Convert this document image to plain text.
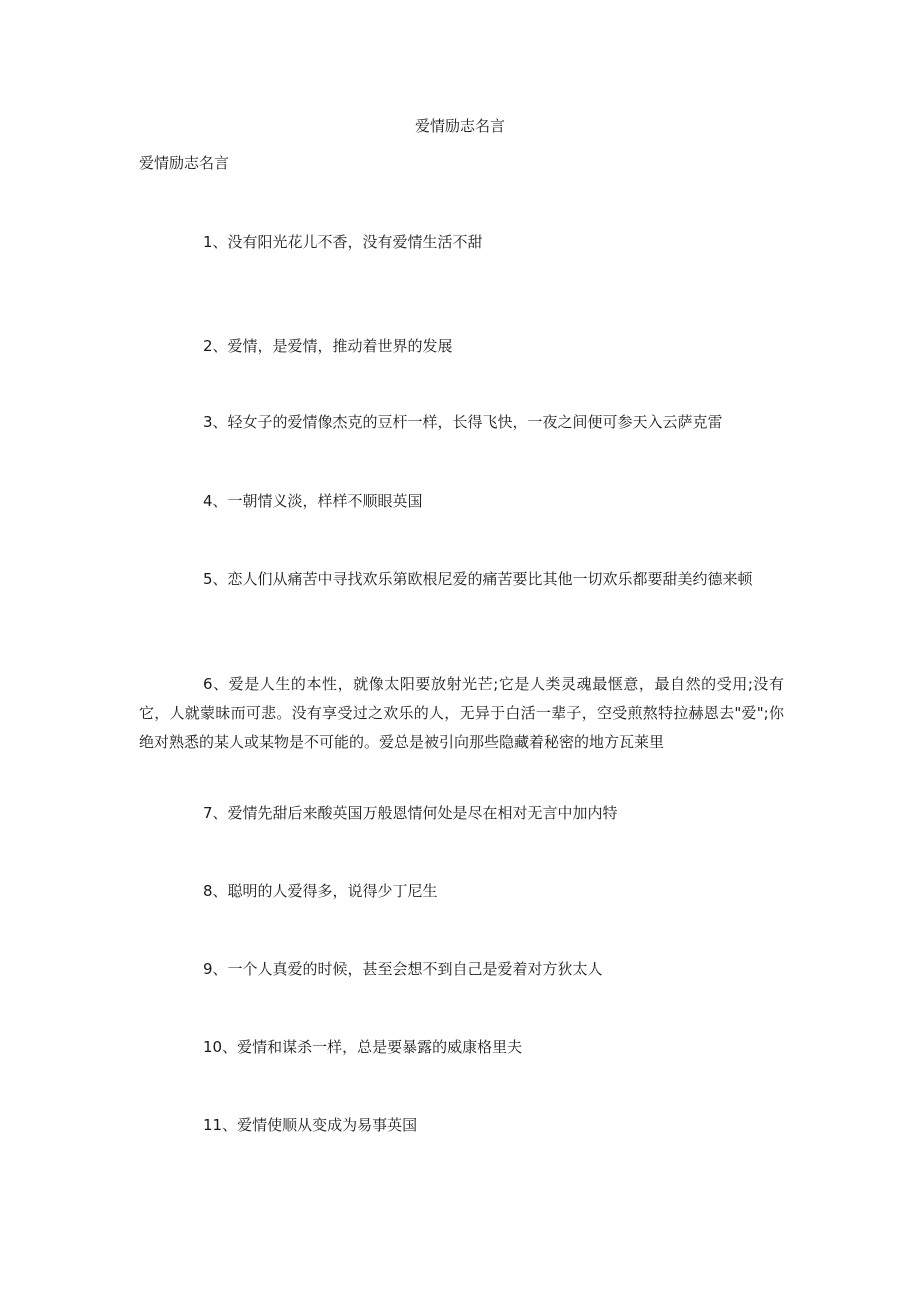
爱情励志名言
爱情励志名言
1、没有阳光花儿不香，没有爱情生活不甜
2、爱情，是爱情，推动着世界的发展
3、轻女子的爱情像杰克的豆杆一样，长得飞快，一夜之间便可参天入云萨克雷
4、一朝情义淡，样样不顺眼英国
5、恋人们从痛苦中寻找欢乐第欧根尼爱的痛苦要比其他一切欢乐都要甜美约德来顿
6、爱是人生的本性，就像太阳要放射光芒;它是人类灵魂最惬意，最自然的受用;没有它，人就蒙昧而可悲。没有享受过之欢乐的人，无异于白活一辈子，空受煎熬特拉赫恩去"爱";你绝对熟悉的某人或某物是不可能的。爱总是被引向那些隐藏着秘密的地方瓦莱里
7、爱情先甜后来酸英国万般恩情何处是尽在相对无言中加内特
8、聪明的人爱得多，说得少丁尼生
9、一个人真爱的时候，甚至会想不到自己是爱着对方狄太人
10、爱情和谋杀一样，总是要暴露的威康格里夫
11、爱情使顺从变成为易事英国
